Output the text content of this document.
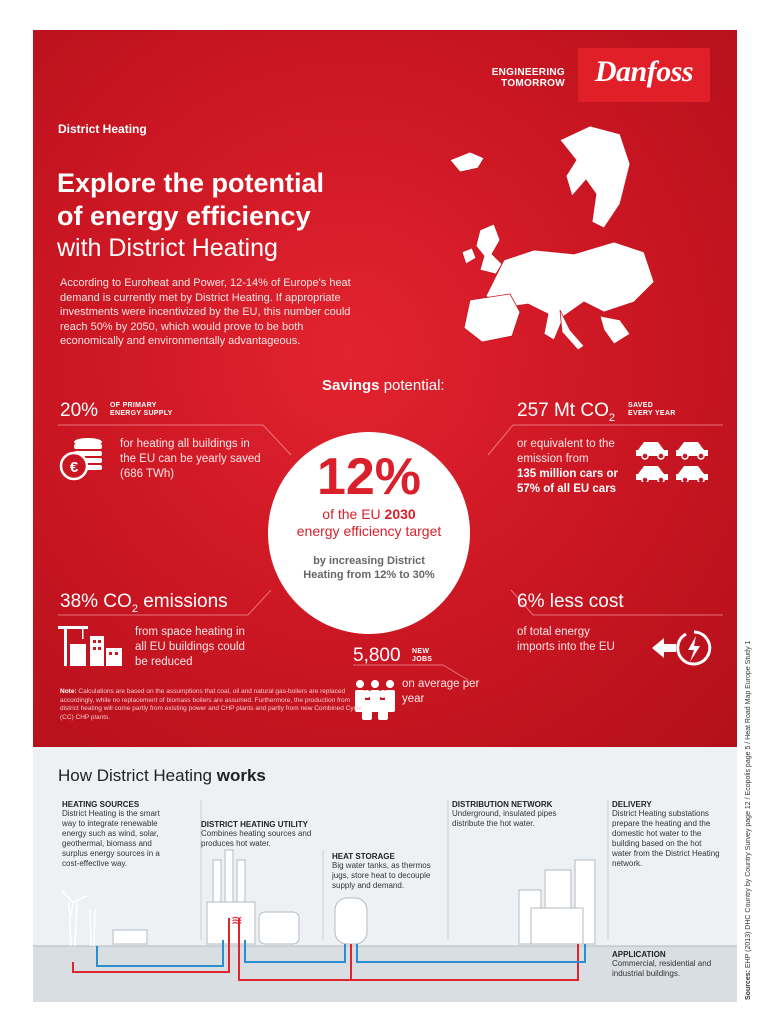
Danfoss
ENGINEERING
TOMORROW
District Heating
Explore the potential
of energy efficiency
with District Heating
According to Euroheat and Power, 12-14% of Europe's heat demand is currently met by District Heating. If appropriate investments were incentivized by the EU, this number could reach 50% by 2050, which would prove to be both economically and environmentally advantageous.
Savings potential:
20% OF PRIMARY
ENERGY SUPPLY
€
for heating all buildings in the EU can be yearly saved (686 TWh)
257 Mt $CO_2$
SAVED
EVERY YEAR
or equivalent to the emission from
135 million cars or 57% of all EU cars
12%
of the EU 2030
energy efficiency target
by increasing District Heating from 12% to 30%
38% $CO_2$ emissions
from space heating in all EU buildings could be reduced
6% less cost
of total energy imports into the EU
5,800 NEW
JOBS
on average per year
Note: Calculations are based on the assumptions that coal, oil and natural gas-boilers are replaced accordingly, while no replacement of biomass boilers are assumed. Furthermore, the production from district heating will come partly from existing power and CHP plants and partly from new Combined Cycle (CC) CHP plants.
How District Heating works
≋
HEATING SOURCES
District Heating is the smart way to integrate renewable energy such as wind, solar, geothermal, biomass and surplus energy sources in a cost-effective way.
DISTRICT HEATING UTILITY
Combines heating sources and produces hot water.
HEAT STORAGE
Big water tanks, as thermos jugs, store heat to decouple supply and demand.
DISTRIBUTION NETWORK
Underground, insulated pipes distribute the hot water.
DELIVERY
District Heating substations prepare the heating and the domestic hot water to the building based on the hot water from the District Heating network.
APPLICATION
Commercial, residential and industrial buildings.	Sources: EHP (2013) DHC Country by Country Survey page 12 / Ecopolis page 5 / Heat Road Map Europe Study 1
